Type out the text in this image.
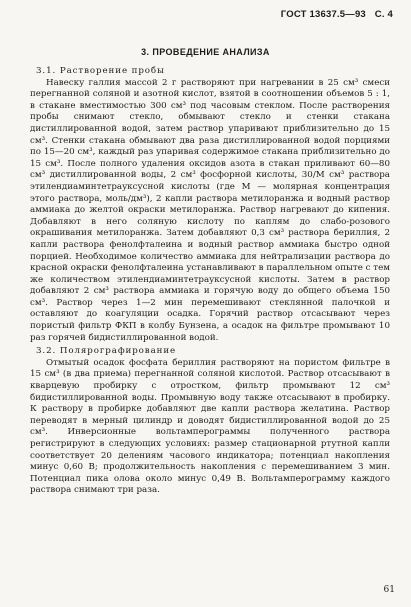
ГОСТ 13637.5—93 С. 4
3. ПРОВЕДЕНИЕ АНАЛИЗА
3.1. Растворение пробы

Навеску галлия массой 2 г растворяют при нагревании в 25 см³ смеси перегнанной соляной и азотной кислот, взятой в соотношении объемов 5 : 1, в стакане вместимостью 300 см³ под часовым стеклом. После растворения пробы снимают стекло, обмывают стекло и стенки стакана дистиллированной водой, затем раствор упаривают приблизительно до 15 см³. Стенки стакана обмывают два раза дистиллированной водой порциями по 15—20 см³, каждый раз упаривая содержимое стакана приблизительно до 15 см³. После полного удаления оксидов азота в стакан приливают 60—80 см³ дистиллированной воды, 2 см³ фосфорной кислоты, 30/М см³ раствора этилендиаминтетрауксусной кислоты (где М — молярная концентрация этого раствора, моль/дм³), 2 капли раствора метилоранжа и водный раствор аммиака до желтой окраски метилоранжа. Раствор нагревают до кипения. Добавляют в него соляную кислоту по каплям до слабо-розового окрашивания метилоранжа. Затем добавляют 0,3 см³ раствора бериллия, 2 капли раствора фенолфталеина и водный раствор аммиака быстро одной порцией. Необходимое количество аммиака для нейтрализации раствора до красной окраски фенолфталеина устанавливают в параллельном опыте с тем же количеством этилендиаминтетрауксусной кислоты. Затем в раствор добавляют 2 см³ раствора аммиака и горячую воду до общего объема 150 см³. Раствор через 1—2 мин перемешивают стеклянной палочкой и оставляют до коагуляции осадка. Горячий раствор отсасывают через пористый фильтр ФКП в колбу Бунзена, а осадок на фильтре промывают 10 раз горячей бидистиллированной водой.

3.2. Полярографирование

Отмытый осадок фосфата бериллия растворяют на пористом фильтре в 15 см³ (в два приема) перегнанной соляной кислотой. Раствор отсасывают в кварцевую пробирку с отростком, фильтр промывают 12 см³ бидистиллированной воды. Промывную воду также отсасывают в пробирку. К раствору в пробирке добавляют две капли раствора желатина. Раствор переводят в мерный цилиндр и доводят бидистиллированной водой до 25 см³. Инверсионные вольтамперограммы полученного раствора регистрируют в следующих условиях: размер стационарной ртутной капли соответствует 20 делениям часового индикатора; потенциал накопления минус 0,60 В; продолжительность накопления с перемешиванием 3 мин. Потенциал пика олова около минус 0,49 В. Вольтамперограмму каждого раствора снимают три раза.

61
